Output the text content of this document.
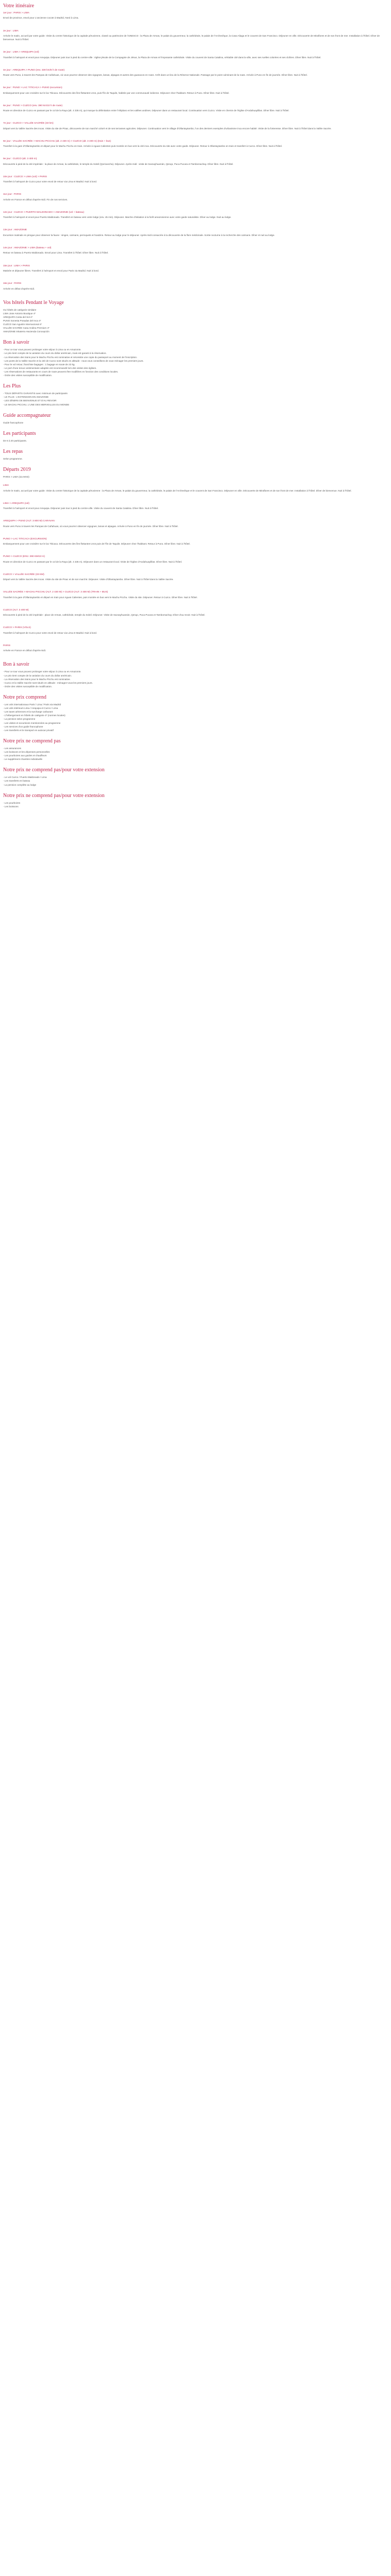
Votre itinéraire

1er jour : PARIS > LIMA

Envol de province, envol pour L'ancienne cocote à Madrid, Nord à Lima.

2e jour : LIMA

Arrivée le matin, accueil par votre guide. Visite du centre historique de la capitale péruvienne, classé au patrimoine de l'UNESCO : la Plaza de Armas, le palais du gouverneur, la cathédrale, le palais de l'Archevêque, la Casa Aliaga et le couvent de San Francisco. Déjeuner en ville. Découverte de Miraflores et de son front de mer. Installation à l'hôtel. Dîner de bienvenue. Nuit à l'hôtel.

3e jour : LIMA > AREQUIPA (vol)

Transfert à l'aéroport et envol pour Arequipa. Déjeuner puis tour à pied du centre-ville : église jésuite de la Compagnie de Jésus, la Plaza de Armas et l'imposante cathédrale. Visite du couvent de Santa Catalina, véritable cité dans la ville, avec ses ruelles colorées et ses cloîtres. Dîner libre. Nuit à l'hôtel.

4e jour : AREQUIPA > PUNO (env. 330 km/6 h de route)

Route vers Puno, à travers les Pampas de Cañahuas, où vous pourrez observer des vigognes, lamas, alpagas et autres des guanacos en route. Arrêt dans un lieu de la Réserve Nationale. Passage par le point culminant de la route. Arrivée à Puno en fin de journée. Dîner libre. Nuit à l'hôtel.

5e jour : PUNO > LAC TITICACA > PUNO (excursion)

Embarquement pour une croisière sur le lac Titicaca. Découverte des îles flottantes Uros, puis l'île de Taquile, habitée par une communauté indienne. Déjeuner chez l'habitant. Retour à Puno. Dîner libre. Nuit à l'hôtel.

6e jour : PUNO > CUZCO (env. 390 km/10 h de route)

Route en direction de Cuzco en passant par le col de la Raya (alt. 4 335 m), qui marque la délimitation entre l'Altiplano et les vallées andines. Déjeuner dans un restaurant local. Continuation vers Cuzco. Visite en chemin de l'église d'Andahuaylillas. Dîner libre. Nuit à l'hôtel.

7e jour : CUZCO > VALLÉE SACRÉE (33 km)

Départ vers la Vallée Sacrée des Incas. Visite du site de Pisac, découverte de son marché coloré et de ses terrasses agricoles. Déjeuner. Continuation vers le village d'Ollantaytambo, l'un des derniers exemples d'urbanisme inca encore habité. Visite de la forteresse. Dîner libre. Nuit à l'hôtel dans la Vallée Sacrée.

8e jour : VALLÉE SACRÉE > MACHU PICCHU (alt. 2 430 m) > CUZCO (alt. 3 400 m) (train + bus)

Transfert à la gare d'Ollantaytambo et départ pour le Machu Picchu en train. Arrivée à Aguas Calientes puis montée en bus vers la cité inca. Découverte du site avec votre guide. Déjeuner. Retour à Ollantaytambo en train et transfert à Cuzco. Dîner libre. Nuit à l'hôtel.

9e jour : CUZCO (alt. 3 400 m)

Découverte à pied de la cité impériale : la place de Armas, la cathédrale, le temple du Soleil (Qoricancha). Déjeuner. Après-midi : visite de Sacsayhuamán, Qenqo, Puca Pucara et Tambomachay. Dîner libre. Nuit à l'hôtel.

10e jour : CUZCO > LIMA (vol) > PARIS

Transfert à l'aéroport de Cuzco pour votre envol de retour via Lima et Madrid. Nuit à bord.

11e jour : PARIS

Arrivée en France en début d'après-midi. Fin de nos services.

12e jour : CUZCO > PUERTO MALDONADO > AMAZONIE (vol + bateau)

Transfert à l'aéroport et envol pour Puerto Maldonado. Transfert en bateau vers votre lodge (env. 45 min). Déjeuner. Marche d'initiation à la forêt amazonienne avec votre guide naturaliste. Dîner au lodge. Nuit au lodge.

13e jour : AMAZONIE

Excursion matinale en pirogue pour observer la faune : singes, caïmans, perroquets et hoatzins. Retour au lodge pour le déjeuner. Après-midi consacrée à la découverte de la flore médicinale. Sortie nocturne à la recherche des caïmans. Dîner et nuit au lodge.

14e jour : AMAZONIE > LIMA (bateau + vol)

Retour en bateau à Puerto Maldonado. Envol pour Lima. Transfert à l'hôtel. Dîner libre. Nuit à l'hôtel.

15e jour : LIMA > PARIS

Matinée et déjeuner libres. Transfert à l'aéroport et envol pour Paris via Madrid. Nuit à bord.

16e jour : PARIS

Arrivée en début d'après-midi.

Vos hôtels Pendant le Voyage

Ou hôtels de catégorie similaire

LIMA Jose Antonio Boutique 4*

AREQUIPA Costa del Sol 4*

PUNO Sonesta Posadas del Inca 4*

CUZCO San Agustin Internacional 4*

VALLÉE SACRÉE Casa Andina Premium 4*

AMAZONIE Inkaterra Hacienda Concepción

Bon à savoir

- Pour ce tour vous pouvez prolonger votre séjour à Lima ou en Amazonie.

- Le prix tient compte de la variation du cours du dollar américain, mais est garanti à la réservation.

- La réservation des trains pour le Machu Picchu est nominative et nécessite une copie du passeport au moment de l'inscription.

- Les ponts de la Vallée Sacrée et la cité de Cuzco sont situés en altitude : nous vous conseillons de vous ménager les premiers jours.

- Pour le vol retour, franchise bagages : 1 bagage en soute de 23 kg.

- Le port d'une tenue vestimentaire adaptée est recommandé lors des visites des églises.

- Les réservations de restaurants en cours de route peuvent être modifiées en fonction des conditions locales.

- Ordre des visites susceptible de modification.

Les Plus

- TOUS DÉPARTS GARANTIS avec minimum de participants

- LE PLUS : L'EXTENSION EN AMAZONIE

- LES DÎNERS DE BIENVENUE ET D'AU REVOIR

- LE MACHU PICCHU, L'UNE DES MERVEILLES DU MONDE

Guide accompagnateur

Guide francophone

Les participants

De 6 à 20 participants.

Les repas

Selon programme.

Départs 2019

PARIS > LIMA (via MAD)

LIMA

Arrivée le matin, accueil par votre guide. Visite du centre historique de la capitale péruvienne : la Plaza de Armas, le palais du gouverneur, la cathédrale, le palais de l'Archevêque et le couvent de San Francisco. Déjeuner en ville. Découverte de Miraflores et de son front de mer. Installation à l'hôtel. Dîner de bienvenue. Nuit à l'hôtel.

LIMA > AREQUIPA (vol)

Transfert à l'aéroport et envol pour Arequipa. Déjeuner puis tour à pied du centre-ville. Visite du couvent de Santa Catalina. Dîner libre. Nuit à l'hôtel.

AREQUIPA > PUNO (ALT. 3 800 M) CARAVAN

Route vers Puno à travers les Pampas de Cañahuas, où vous pourrez observer vigognes, lamas et alpagas. Arrivée à Puno en fin de journée. Dîner libre. Nuit à l'hôtel.

PUNO > LAC TITICACA (EXCURSION)

Embarquement pour une croisière sur le lac Titicaca. Découverte des îles flottantes Uros puis de l'île de Taquile. Déjeuner chez l'habitant. Retour à Puno. Dîner libre. Nuit à l'hôtel.

PUNO > CUZCO (ENV. 390 KM/10 H)

Route en direction de Cuzco en passant par le col de la Raya (alt. 4 335 m). Déjeuner dans un restaurant local. Visite de l'église d'Andahuaylillas. Dîner libre. Nuit à l'hôtel.

CUZCO > VALLÉE SACRÉE (33 KM)

Départ vers la Vallée Sacrée des Incas. Visite du site de Pisac et de son marché. Déjeuner. Visite d'Ollantaytambo. Dîner libre. Nuit à l'hôtel dans la Vallée Sacrée.

VALLÉE SACRÉE > MACHU PICCHU (ALT. 2 430 M) > CUZCO (ALT. 3 400 M) (TRAIN + BUS)

Transfert à la gare d'Ollantaytambo et départ en train pour Aguas Calientes, puis montée en bus vers le Machu Picchu. Visite du site. Déjeuner. Retour à Cuzco. Dîner libre. Nuit à l'hôtel.

CUZCO (ALT. 3 400 M)

Découverte à pied de la cité impériale : place de Armas, cathédrale, temple du Soleil. Déjeuner. Visite de Sacsayhuamán, Qenqo, Puca Pucara et Tambomachay. Dîner d'au revoir. Nuit à l'hôtel.

CUZCO > PARIS (VOLS)

Transfert à l'aéroport de Cuzco pour votre envol de retour via Lima et Madrid. Nuit à bord.

PARIS

Arrivée en France en début d'après-midi.

Bon à savoir

- Pour ce tour vous pouvez prolonger votre séjour à Lima ou en Amazonie.

- Le prix tient compte de la variation du cours du dollar américain.

- La réservation des trains pour le Machu Picchu est nominative.

- Cuzco et la Vallée Sacrée sont situés en altitude : ménagez-vous les premiers jours.

- Ordre des visites susceptible de modification.

Notre prix comprend

- Les vols internationaux Paris / Lima / Paris via Madrid

- Les vols intérieurs Lima / Arequipa et Cuzco / Lima

- Les taxes aériennes et la surcharge carburant

- L'hébergement en hôtels de catégorie 4* (normes locales)

- La pension selon programme

- Les visites et excursions mentionnées au programme

- Les services d'un guide francophone

- Les transferts et le transport en autocar privatif

Notre prix ne comprend pas

- Les assurances

- Les boissons et les dépenses personnelles

- Les pourboires aux guides et chauffeurs

- Le supplément chambre individuelle

Notre prix ne comprend pas/pour votre extension

- Le vol Cuzco / Puerto Maldonado / Lima

- Les transferts en bateau

- La pension complète au lodge

Notre prix ne comprend pas/pour votre extension

- Les pourboires

- Les boissons
